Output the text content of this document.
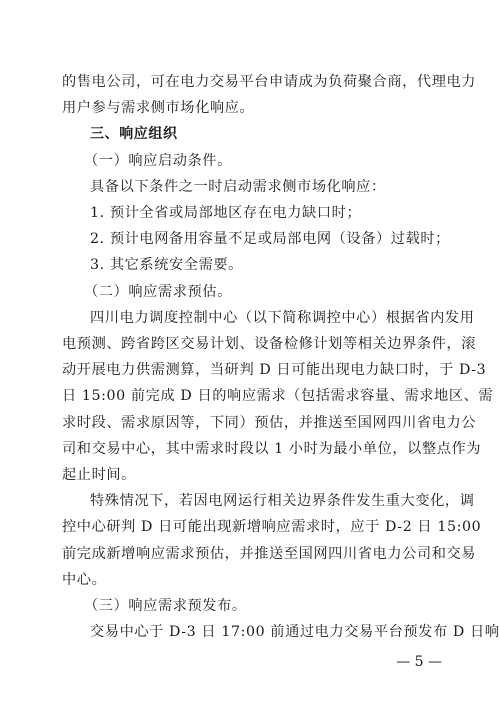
的售电公司，可在电力交易平台申请成为负荷聚合商，代理电力
用户参与需求侧市场化响应。
三、响应组织
（一）响应启动条件。
具备以下条件之一时启动需求侧市场化响应：
1. 预计全省或局部地区存在电力缺口时；
2. 预计电网备用容量不足或局部电网（设备）过载时；
3. 其它系统安全需要。
（二）响应需求预估。
四川电力调度控制中心（以下简称调控中心）根据省内发用
电预测、跨省跨区交易计划、设备检修计划等相关边界条件，滚
动开展电力供需测算，当研判 D 日可能出现电力缺口时，于 D-3
日 15:00 前完成 D 日的响应需求（包括需求容量、需求地区、需
求时段、需求原因等，下同）预估，并推送至国网四川省电力公
司和交易中心，其中需求时段以 1 小时为最小单位，以整点作为
起止时间。
特殊情况下，若因电网运行相关边界条件发生重大变化，调
控中心研判 D 日可能出现新增响应需求时，应于 D-2 日 15:00
前完成新增响应需求预估，并推送至国网四川省电力公司和交易
中心。
（三）响应需求预发布。
交易中心于 D-3 日 17:00 前通过电力交易平台预发布 D 日响
— 5 —
